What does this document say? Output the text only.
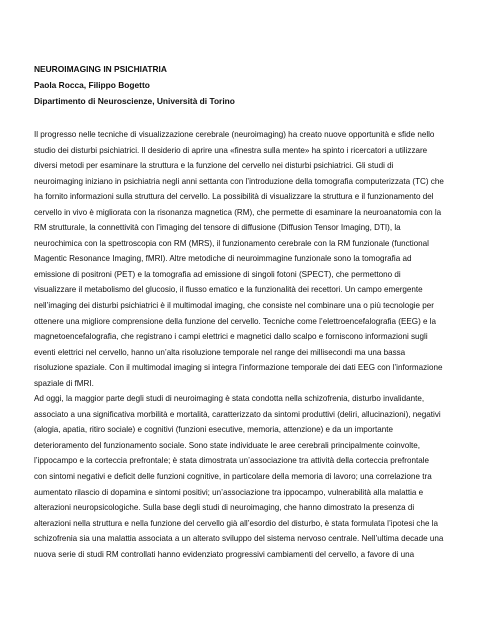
NEUROIMAGING IN PSICHIATRIA
Paola Rocca, Filippo Bogetto
Dipartimento di Neuroscienze, Università di Torino
Il progresso nelle tecniche di visualizzazione cerebrale (neuroimaging) ha creato nuove opportunità e sfide nello
studio dei disturbi psichiatrici. Il desiderio di aprire una «finestra sulla mente» ha spinto i ricercatori a utilizzare
diversi metodi per esaminare la struttura e la funzione del cervello nei disturbi psichiatrici. Gli studi di
neuroimaging iniziano in psichiatria negli anni settanta con l’introduzione della tomografia computerizzata (TC) che
ha fornito informazioni sulla struttura del cervello. La possibilità di visualizzare la struttura e il funzionamento del
cervello in vivo è migliorata con la risonanza magnetica (RM), che permette di esaminare la neuroanatomia con la
RM strutturale, la connettività con l’imaging del tensore di diffusione (Diffusion Tensor Imaging, DTI), la
neurochimica con la spettroscopia con RM (MRS), il funzionamento cerebrale con la RM funzionale (functional
Magentic Resonance Imaging, fMRI). Altre metodiche di neuroimmagine funzionale sono la tomografia ad
emissione di positroni (PET) e la tomografia ad emissione di singoli fotoni (SPECT), che permettono di
visualizzare il metabolismo del glucosio, il flusso ematico e la funzionalità dei recettori. Un campo emergente
nell’imaging dei disturbi psichiatrici è il multimodal imaging, che consiste nel combinare una o più tecnologie per
ottenere una migliore comprensione della funzione del cervello. Tecniche come l’elettroencefalografia (EEG) e la
magnetoencefalografia, che registrano i campi elettrici e magnetici dallo scalpo e forniscono informazioni sugli
eventi elettrici nel cervello, hanno un’alta risoluzione temporale nel range dei millisecondi ma una bassa
risoluzione spaziale. Con il multimodal imaging si integra l’informazione temporale dei dati EEG con l’informazione
spaziale di fMRI.
Ad oggi, la maggior parte degli studi di neuroimaging è stata condotta nella schizofrenia, disturbo invalidante,
associato a una significativa morbilità e mortalità, caratterizzato da sintomi produttivi (deliri, allucinazioni), negativi
(alogia, apatia, ritiro sociale) e cognitivi (funzioni esecutive, memoria, attenzione) e da un importante
deterioramento del funzionamento sociale. Sono state individuate le aree cerebrali principalmente coinvolte,
l’ippocampo e la corteccia prefrontale; è stata dimostrata un’associazione tra attività della corteccia prefrontale
con sintomi negativi e deficit delle funzioni cognitive, in particolare della memoria di lavoro; una correlazione tra
aumentato rilascio di dopamina e sintomi positivi; un’associazione tra ippocampo, vulnerabilità alla malattia e
alterazioni neuropsicologiche. Sulla base degli studi di neuroimaging, che hanno dimostrato la presenza di
alterazioni nella struttura e nella funzione del cervello già all’esordio del disturbo, è stata formulata l’ipotesi che la
schizofrenia sia una malattia associata a un alterato sviluppo del sistema nervoso centrale. Nell’ultima decade una
nuova serie di studi RM controllati hanno evidenziato progressivi cambiamenti del cervello, a favore di una
